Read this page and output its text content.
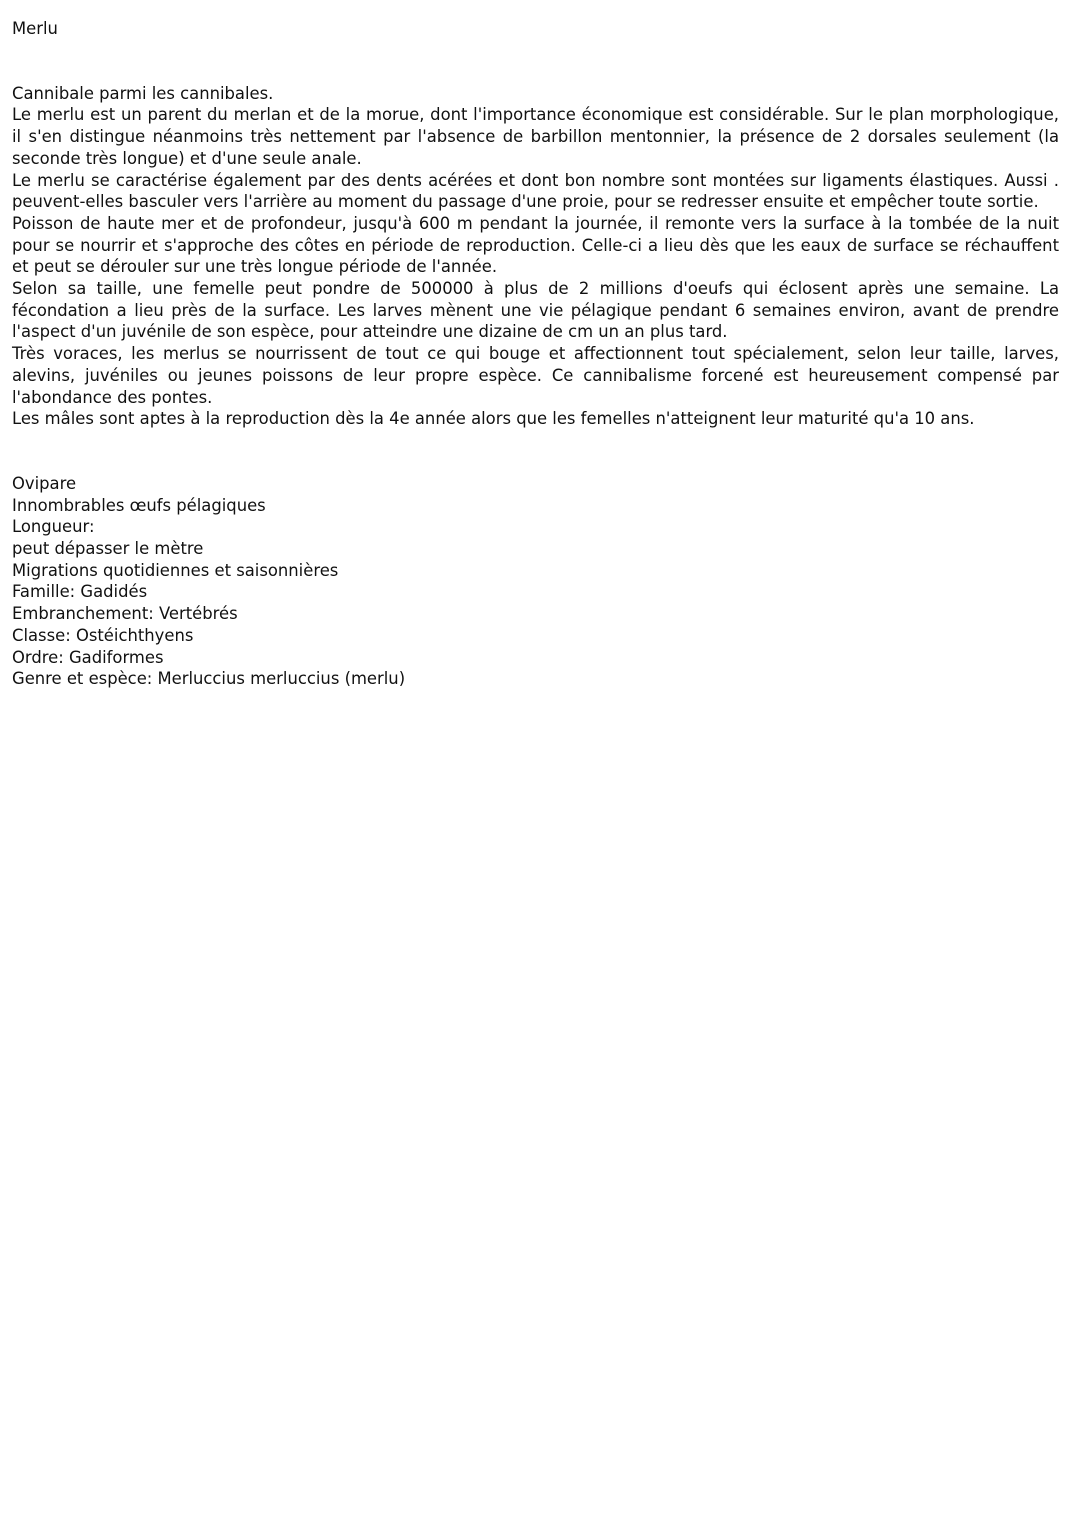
Merlu

Cannibale parmi les cannibales.

Le merlu est un parent du merlan et de la morue, dont l'importance économique est considérable. Sur le plan morphologique, il s'en distingue néanmoins très nettement par l'absence de barbillon mentonnier, la présence de 2 dorsales seulement (la seconde très longue) et d'une seule anale.

Le merlu se caractérise également par des dents acérées et dont bon nombre sont montées sur ligaments élastiques. Aussi . peuvent-elles basculer vers l'arrière au moment du passage d'une proie, pour se redresser ensuite et empêcher toute sortie.

Poisson de haute mer et de profondeur, jusqu'à 600 m pendant la journée, il remonte vers la surface à la tombée de la nuit pour se nourrir et s'approche des côtes en période de reproduction. Celle-ci a lieu dès que les eaux de surface se réchauffent et peut se dérouler sur une très longue période de l'année.

Selon sa taille, une femelle peut pondre de 500000 à plus de 2 millions d'oeufs qui éclosent après une semaine. La fécondation a lieu près de la surface. Les larves mènent une vie pélagique pendant 6 semaines environ, avant de prendre l'aspect d'un juvénile de son espèce, pour atteindre une dizaine de cm un an plus tard.

Très voraces, les merlus se nourrissent de tout ce qui bouge et affectionnent tout spécialement, selon leur taille, larves, alevins, juvéniles ou jeunes poissons de leur propre espèce. Ce cannibalisme forcené est heureusement compensé par l'abondance des pontes.

Les mâles sont aptes à la reproduction dès la 4e année alors que les femelles n'atteignent leur maturité qu'a 10 ans.

Ovipare

Innombrables œufs pélagiques

Longueur:

peut dépasser le mètre

Migrations quotidiennes et saisonnières

Famille: Gadidés

Embranchement: Vertébrés

Classe: Ostéichthyens

Ordre: Gadiformes

Genre et espèce: Merluccius merluccius (merlu)
